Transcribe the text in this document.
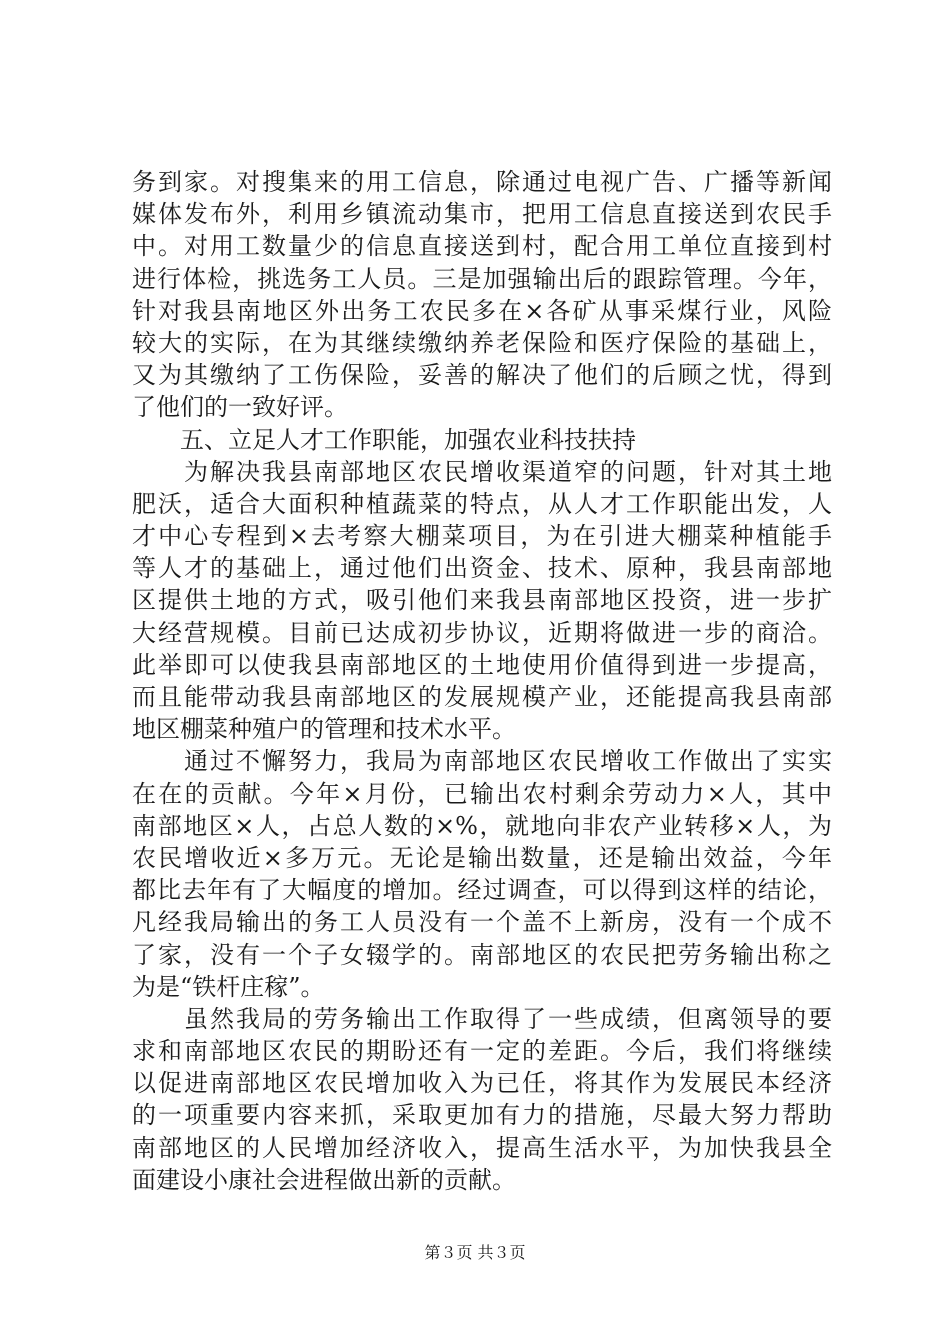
务到家。对搜集来的用工信息，除通过电视广告、广播等新闻
媒体发布外，利用乡镇流动集市，把用工信息直接送到农民手
中。对用工数量少的信息直接送到村，配合用工单位直接到村
进行体检，挑选务工人员。三是加强输出后的跟踪管理。今年，
针对我县南地区外出务工农民多在×各矿从事采煤行业，风险
较大的实际，在为其继续缴纳养老保险和医疗保险的基础上，
又为其缴纳了工伤保险，妥善的解决了他们的后顾之忧，得到
了他们的一致好评。
　　五、立足人才工作职能，加强农业科技扶持
　　为解决我县南部地区农民增收渠道窄的问题，针对其土地
肥沃，适合大面积种植蔬菜的特点，从人才工作职能出发，人
才中心专程到×去考察大棚菜项目，为在引进大棚菜种植能手
等人才的基础上，通过他们出资金、技术、原种，我县南部地
区提供土地的方式，吸引他们来我县南部地区投资，进一步扩
大经营规模。目前已达成初步协议，近期将做进一步的商洽。
此举即可以使我县南部地区的土地使用价值得到进一步提高，
而且能带动我县南部地区的发展规模产业，还能提高我县南部
地区棚菜种殖户的管理和技术水平。
　　通过不懈努力，我局为南部地区农民增收工作做出了实实
在在的贡献。今年×月份，已输出农村剩余劳动力×人，其中
南部地区×人，占总人数的×%，就地向非农产业转移×人，为
农民增收近×多万元。无论是输出数量，还是输出效益，今年
都比去年有了大幅度的增加。经过调查，可以得到这样的结论，
凡经我局输出的务工人员没有一个盖不上新房，没有一个成不
了家，没有一个子女辍学的。南部地区的农民把劳务输出称之
为是“铁杆庄稼”。
　　虽然我局的劳务输出工作取得了一些成绩，但离领导的要
求和南部地区农民的期盼还有一定的差距。今后，我们将继续
以促进南部地区农民增加收入为已任，将其作为发展民本经济
的一项重要内容来抓，采取更加有力的措施，尽最大努力帮助
南部地区的人民增加经济收入，提高生活水平，为加快我县全
面建设小康社会进程做出新的贡献。
第３页 共３页
